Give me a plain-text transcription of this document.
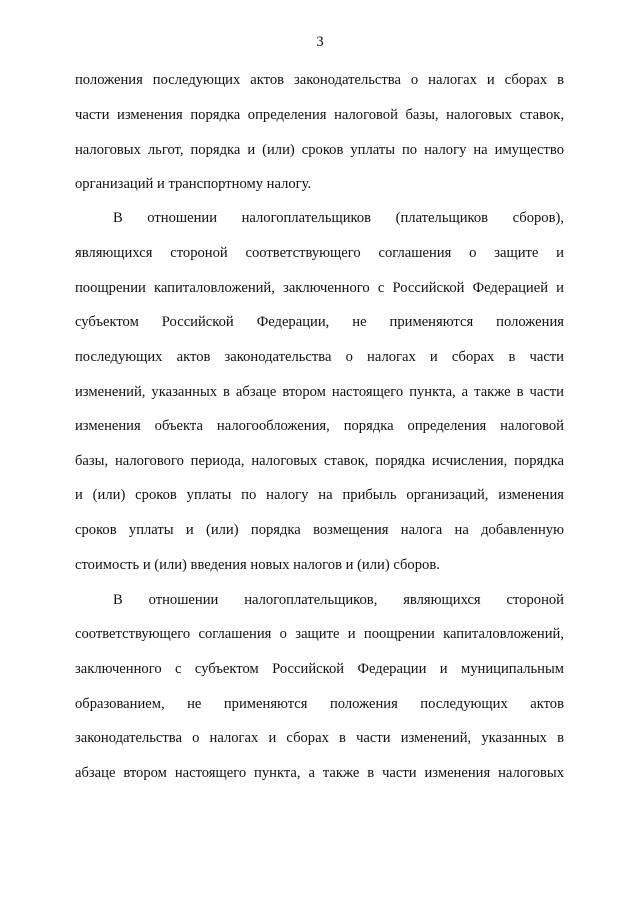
3
положения последующих актов законодательства о налогах и сборах в
части изменения порядка определения налоговой базы, налоговых ставок,
налоговых льгот, порядка и (или) сроков уплаты по налогу на имущество
организаций и транспортному налогу.
В отношении налогоплательщиков (плательщиков сборов),
являющихся стороной соответствующего соглашения о защите и
поощрении капиталовложений, заключенного с Российской Федерацией и
субъектом Российской Федерации, не применяются положения
последующих актов законодательства о налогах и сборах в части
изменений, указанных в абзаце втором настоящего пункта, а также в части
изменения объекта налогообложения, порядка определения налоговой
базы, налогового периода, налоговых ставок, порядка исчисления, порядка
и (или) сроков уплаты по налогу на прибыль организаций, изменения
сроков уплаты и (или) порядка возмещения налога на добавленную
стоимость и (или) введения новых налогов и (или) сборов.
В отношении налогоплательщиков, являющихся стороной
соответствующего соглашения о защите и поощрении капиталовложений,
заключенного с субъектом Российской Федерации и муниципальным
образованием, не применяются положения последующих актов
законодательства о налогах и сборах в части изменений, указанных в
абзаце втором настоящего пункта, а также в части изменения налоговых
